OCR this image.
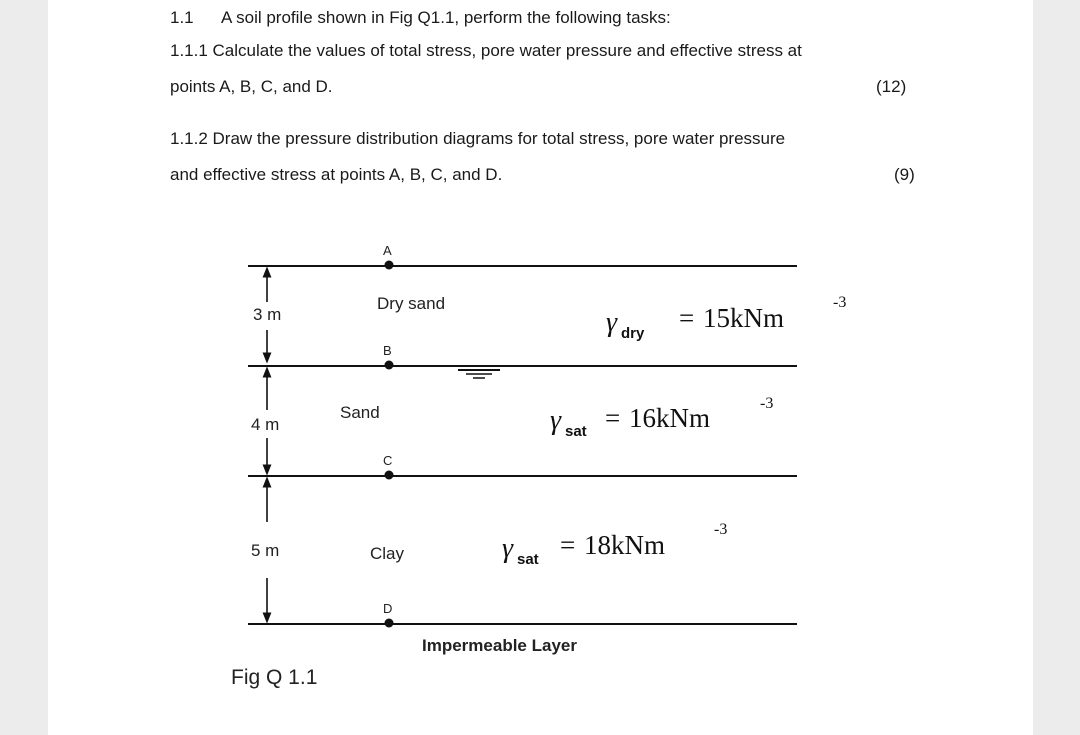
1.1 A soil profile shown in Fig Q1.1, perform the following tasks:
1.1.1 Calculate the values of total stress, pore water pressure and effective stress at
points A, B, C, and D.	(12)
1.1.2 Draw the pressure distribution diagrams for total stress, pore water pressure
and effective stress at points A, B, C, and D.	(9)
3 m
4 m
5 m
A
B
C
D
Dry sand
Sand
Clay
γ dry
= 15kNm
-3
γ sat = 16kNm	-3
γ sat = 18kNm
-3
Impermeable Layer
Fig Q 1.1
